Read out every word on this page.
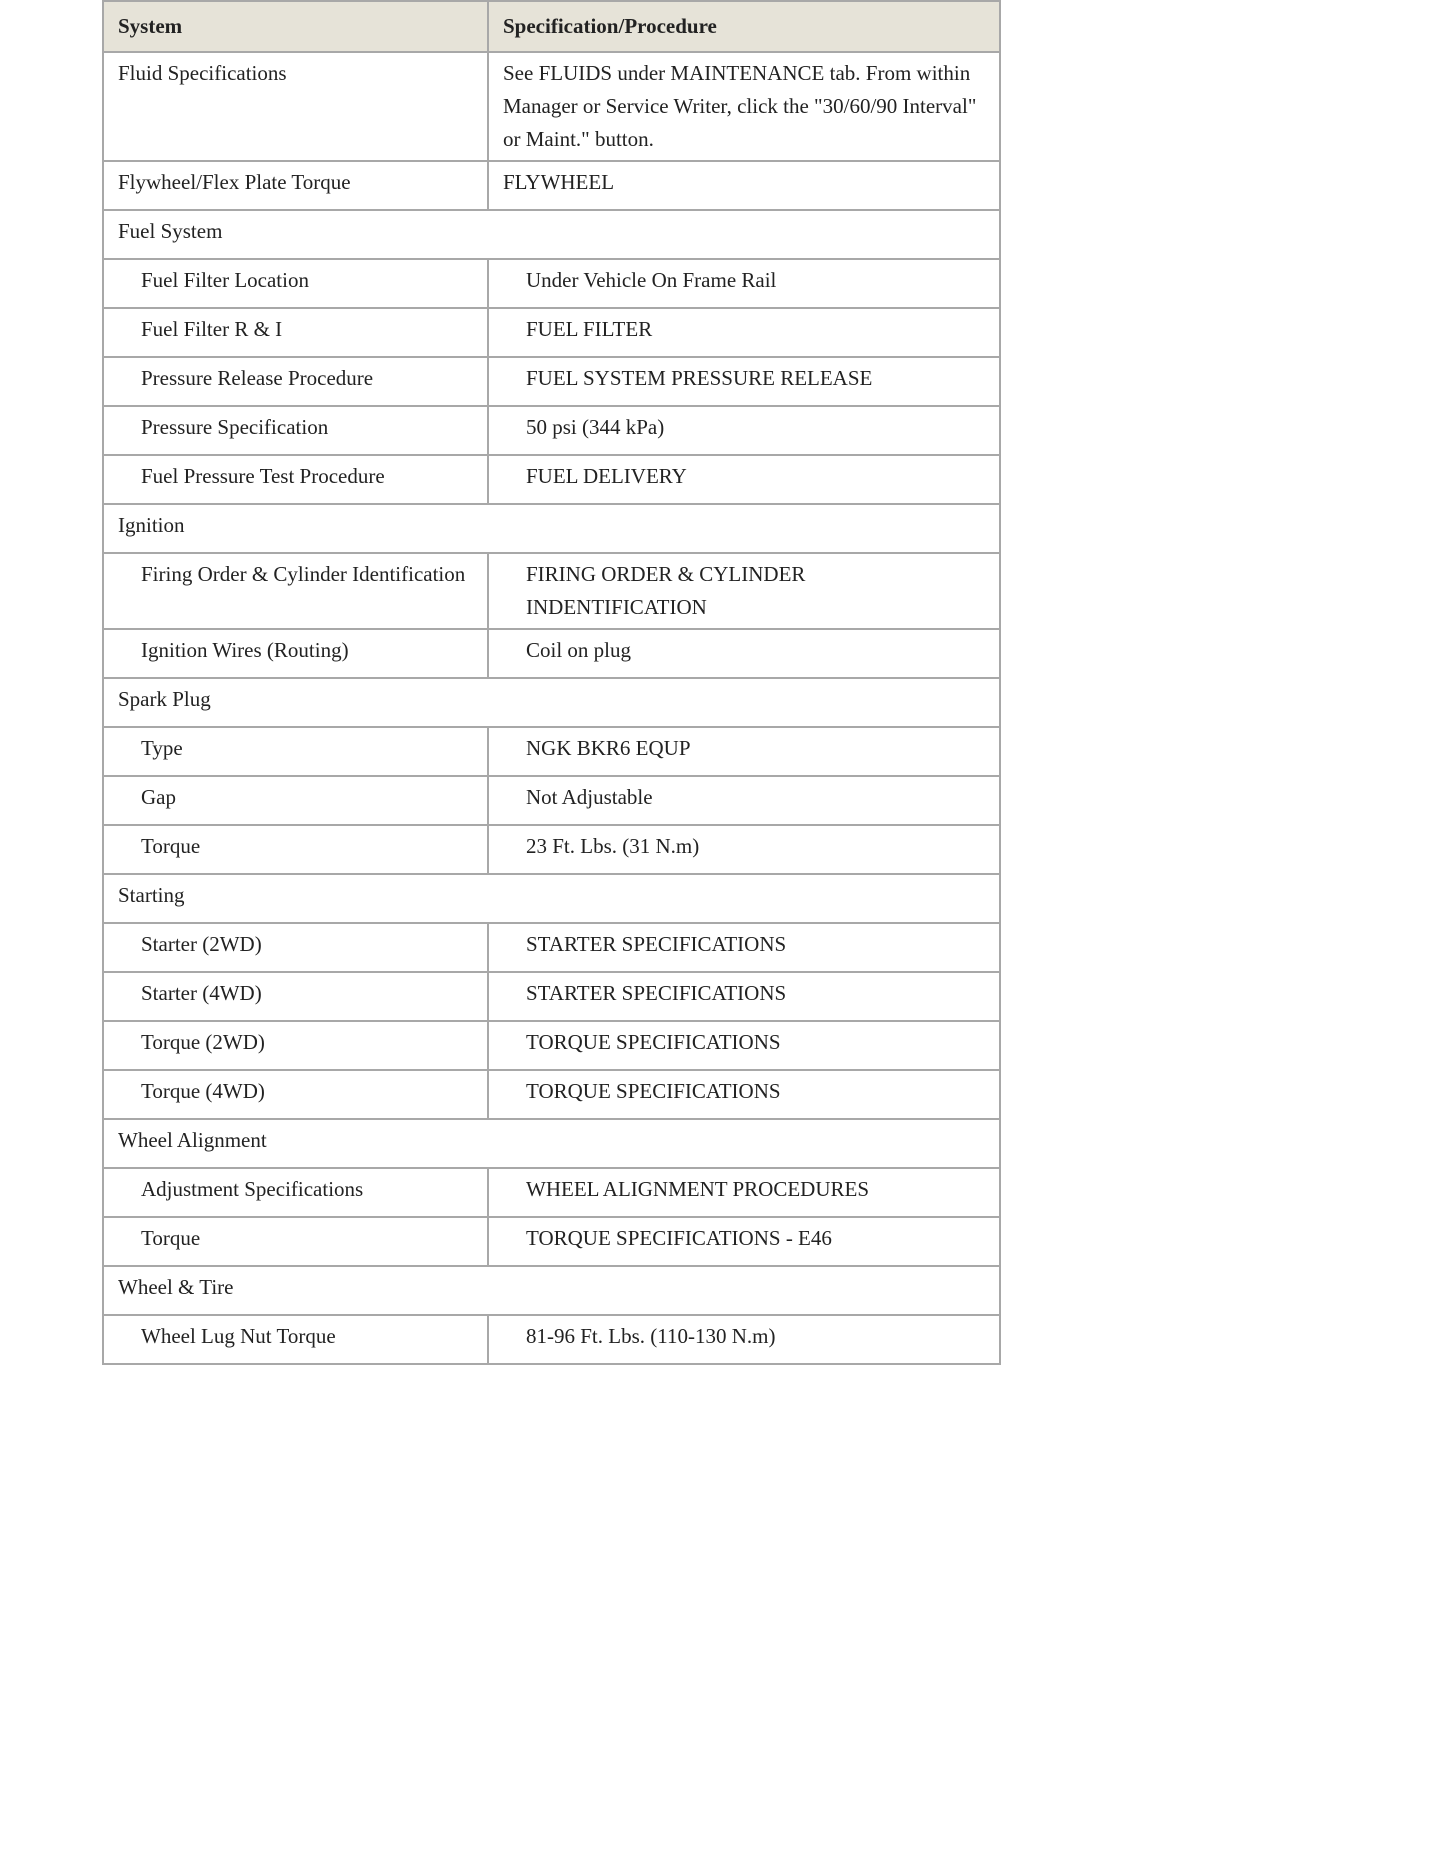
System	Specification/Procedure
Fluid Specifications	See FLUIDS under MAINTENANCE tab. From within Manager or Service Writer, click the "30/60/90 Interval" or Maint." button.
Flywheel/Flex Plate Torque	FLYWHEEL
Fuel System	
Fuel Filter Location	Under Vehicle On Frame Rail
Fuel Filter R & I	FUEL FILTER
Pressure Release Procedure	FUEL SYSTEM PRESSURE RELEASE
Pressure Specification	50 psi (344 kPa)
Fuel Pressure Test Procedure	FUEL DELIVERY
Ignition	
Firing Order & Cylinder Identification	FIRING ORDER & CYLINDER INDENTIFICATION
Ignition Wires (Routing)	Coil on plug
Spark Plug	
Type	NGK BKR6 EQUP
Gap	Not Adjustable
Torque	23 Ft. Lbs. (31 N.m)
Starting	
Starter (2WD)	STARTER SPECIFICATIONS
Starter (4WD)	STARTER SPECIFICATIONS
Torque (2WD)	TORQUE SPECIFICATIONS
Torque (4WD)	TORQUE SPECIFICATIONS
Wheel Alignment	
Adjustment Specifications	WHEEL ALIGNMENT PROCEDURES
Torque	TORQUE SPECIFICATIONS - E46
Wheel & Tire	
Wheel Lug Nut Torque	81-96 Ft. Lbs. (110-130 N.m)
